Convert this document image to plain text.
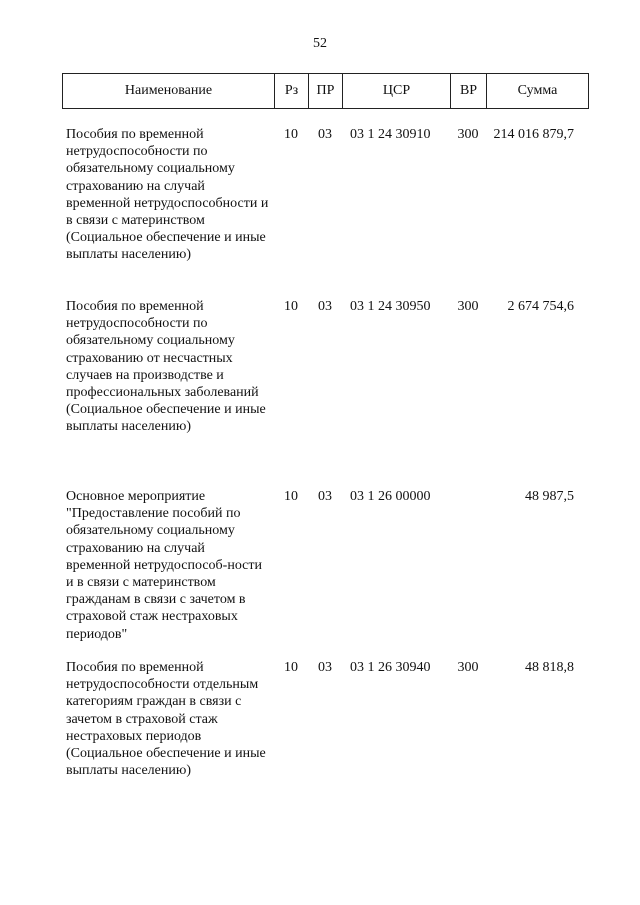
52
Наименование	Рз	ПР	ЦСР	ВР	Сумма
Пособия по временной нетрудоспособности по обязательному социальному страхованию на случай временной нетрудоспособности и в связи с материнством (Социальное обеспечение и иные выплаты населению)	10	03	03 1 24 30910	300	214 016 879,7
Пособия по временной нетрудоспособности по обязательному социальному страхованию от несчастных случаев на производстве и профессиональных заболеваний (Социальное обеспечение и иные выплаты населению)	10	03	03 1 24 30950	300	2 674 754,6
Основное мероприятие "Предоставление пособий по обязательному социальному страхованию на случай временной нетрудоспособ-ности и в связи с материнством гражданам в связи с зачетом в страховой стаж нестраховых периодов"	10	03	03 1 26 00000		48 987,5
Пособия по временной нетрудоспособности отдельным категориям граждан в связи с зачетом в страховой стаж нестраховых периодов (Социальное обеспечение и иные выплаты населению)	10	03	03 1 26 30940	300	48 818,8
